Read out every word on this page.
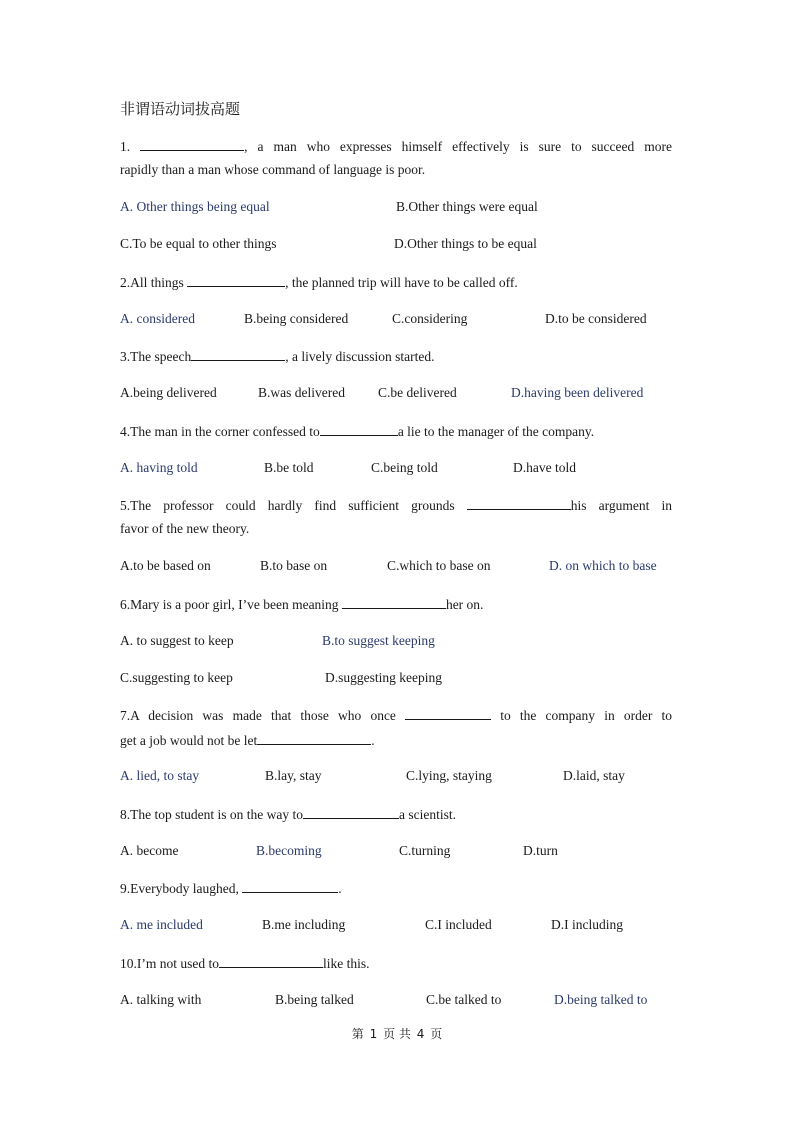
非谓语动词拔高题
1.	, a man who expresses himself effectively is sure to succeed more
rapidly than a man whose command of language is poor.
A. Other things being equal	B.Other things were equal
C.To be equal to other things	D.Other things to be equal
2.All things	, the planned trip will have to be called off.
A. considered	B.being considered	C.considering	D.to be considered
3.The speech	, a lively discussion started.
A.being delivered	B.was delivered C.be delivered	D.having been delivered
4.The man in the corner confessed to	a lie to the manager of the company.
A. having told	B.be told	C.being told	D.have told
5.The professor could hardly find sufficient grounds	his argument in
favor of the new theory.
A.to be based on	B.to base on	C.which to base on	D. on which to base
6.Mary is a poor girl, I’ve been meaning	her on.
A. to suggest to keep	B.to suggest keeping
C.suggesting to keep	D.suggesting keeping
7.A decision was made that those who once	to the company in order to
get a job would not be let	.
A. lied, to stay	B.lay, stay	C.lying, staying	D.laid, stay
8.The top student is on the way to	a scientist.
A. become	B.becoming	C.turning	D.turn
9.Everybody laughed,	.
A. me included	B.me including	C.I included	D.I including
10.I’m not used to	like this.
A. talking with	B.being talked	C.be talked to	D.being talked to
第 1 页 共 4 页
